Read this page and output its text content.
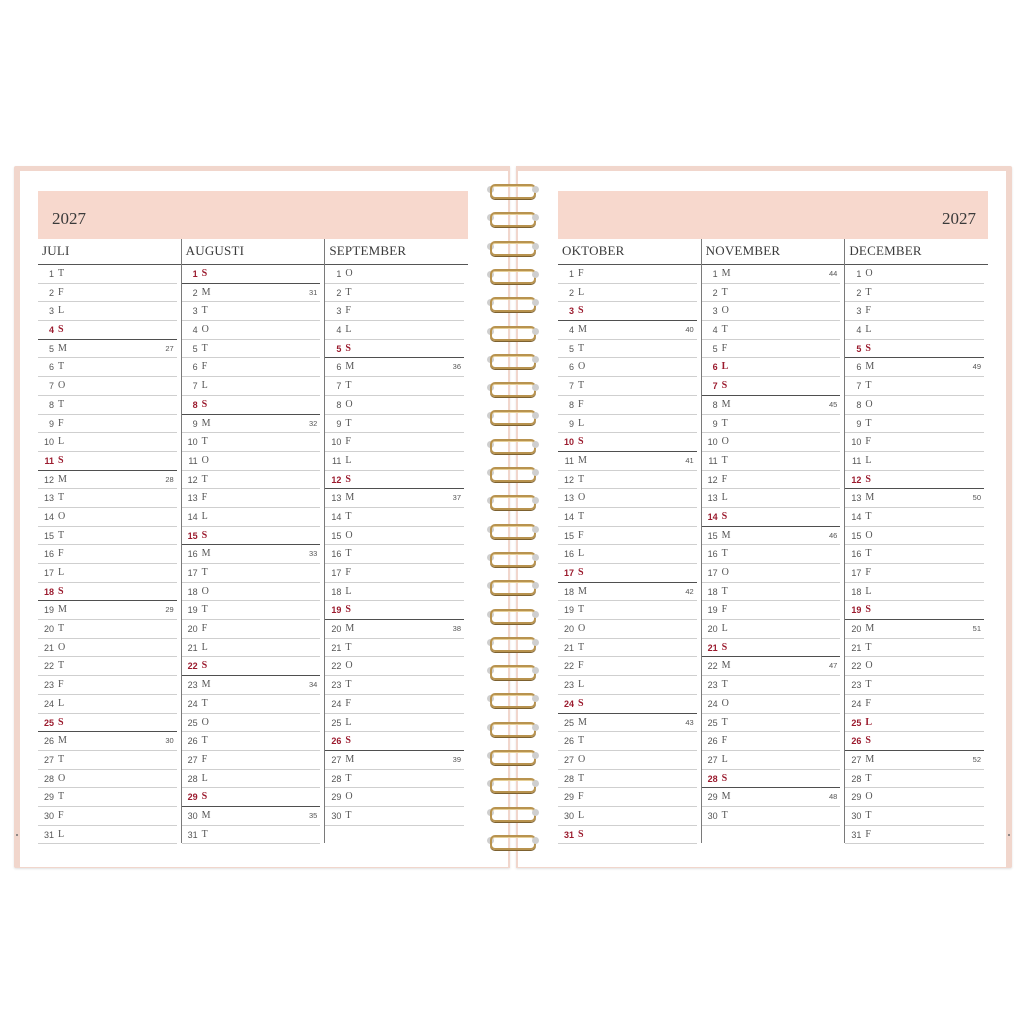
2027
JULI
1 T
2 F
3 L
4 S
5 M	27
6 T
7 O
8 T
9 F
10 L
11 S
12 M	28
13 T
14 O
15 T
16 F
17 L
18 S
19 M	29
20 T
21 O
22 T
23 F
24 L
25 S
26 M	30
27 T
28 O
29 T
30 F
31 L
AUGUSTI
1 S
2 M	31
3 T
4 O
5 T
6 F
7 L
8 S
9 M	32
10 T
11 O
12 T
13 F
14 L
15 S
16 M	33
17 T
18 O
19 T
20 F
21 L
22 S
23 M	34
24 T
25 O
26 T
27 F
28 L
29 S
30 M	35
31 T
SEPTEMBER
1 O
2 T
3 F
4 L
5 S
6 M	36
7 T
8 O
9 T
10 F
11 L
12 S
13 M	37
14 T
15 O
16 T
17 F
18 L
19 S
20 M	38
21 T
22 O
23 T
24 F
25 L
26 S
27 M	39
28 T
29 O
30 T
2027
OKTOBER
1 F
2 L
3 S
4 M	40
5 T
6 O
7 T
8 F
9 L
10 S
11 M	41
12 T
13 O
14 T
15 F
16 L
17 S
18 M	42
19 T
20 O
21 T
22 F
23 L
24 S
25 M	43
26 T
27 O
28 T
29 F
30 L
31 S
NOVEMBER
1 M	44
2 T
3 O
4 T
5 F
6 L
7 S
8 M	45
9 T
10 O
11 T
12 F
13 L
14 S
15 M	46
16 T
17 O
18 T
19 F
20 L
21 S
22 M	47
23 T
24 O
25 T
26 F
27 L
28 S
29 M	48
30 T
DECEMBER
1 O
2 T
3 F
4 L
5 S
6 M	49
7 T
8 O
9 T
10 F
11 L
12 S
13 M	50
14 T
15 O
16 T
17 F
18 L
19 S
20 M	51
21 T
22 O
23 T
24 F
25 L
26 S
27 M	52
28 T
29 O
30 T
31 F
